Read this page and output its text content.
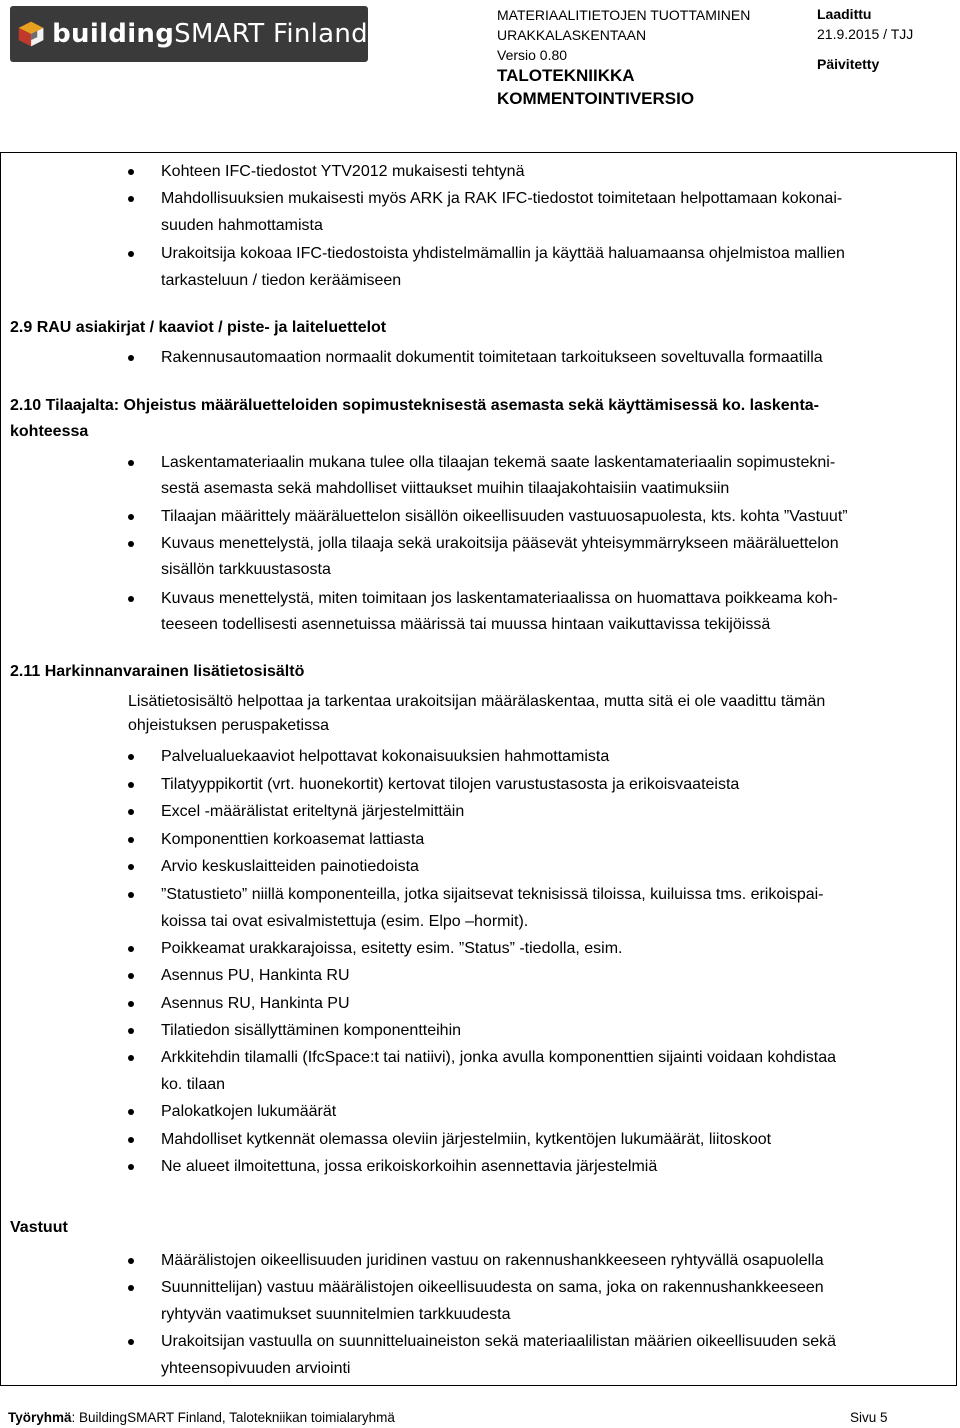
buildingSMART Finland
MATERIAALITIETOJEN TUOTTAMINEN
URAKKALASKENTAAN
Versio 0.80
TALOTEKNIIKKA
KOMMENTOINTIVERSIO
Laadittu
21.9.2015 / TJJ
Päivitetty
Kohteen IFC-tiedostot YTV2012 mukaisesti tehtynä
Mahdollisuuksien mukaisesti myös ARK ja RAK IFC-tiedostot toimitetaan helpottamaan kokonai-
suuden hahmottamista
Urakoitsija kokoaa IFC-tiedostoista yhdistelmämallin ja käyttää haluamaansa ohjelmistoa mallien
tarkasteluun / tiedon keräämiseen
2.9 RAU asiakirjat / kaaviot / piste- ja laiteluettelot
Rakennusautomaation normaalit dokumentit toimitetaan tarkoitukseen soveltuvalla formaatilla
2.10 Tilaajalta: Ohjeistus määräluetteloiden sopimusteknisestä asemasta sekä käyttämisessä ko. laskenta-
kohteessa
Laskentamateriaalin mukana tulee olla tilaajan tekemä saate laskentamateriaalin sopimustekni-
sestä asemasta sekä mahdolliset viittaukset muihin tilaajakohtaisiin vaatimuksiin
Tilaajan määrittely määräluettelon sisällön oikeellisuuden vastuuosapuolesta, kts. kohta ”Vastuut”
Kuvaus menettelystä, jolla tilaaja sekä urakoitsija pääsevät yhteisymmärrykseen määräluettelon
sisällön tarkkuustasosta
Kuvaus menettelystä, miten toimitaan jos laskentamateriaalissa on huomattava poikkeama koh-
teeseen todellisesti asennetuissa määrissä tai muussa hintaan vaikuttavissa tekijöissä
2.11 Harkinnanvarainen lisätietosisältö
Lisätietosisältö helpottaa ja tarkentaa urakoitsijan määrälaskentaa, mutta sitä ei ole vaadittu tämän
ohjeistuksen peruspaketissa
Palvelualuekaaviot helpottavat kokonaisuuksien hahmottamista
Tilatyyppikortit (vrt. huonekortit) kertovat tilojen varustustasosta ja erikoisvaateista
Excel -määrälistat eriteltynä järjestelmittäin
Komponenttien korkoasemat lattiasta
Arvio keskuslaitteiden painotiedoista
”Statustieto” niillä komponenteilla, jotka sijaitsevat teknisissä tiloissa, kuiluissa tms. erikoispai-
koissa tai ovat esivalmistettuja (esim. Elpo –hormit).
Poikkeamat urakkarajoissa, esitetty esim. ”Status” -tiedolla, esim.
Asennus PU, Hankinta RU
Asennus RU, Hankinta PU
Tilatiedon sisällyttäminen komponentteihin
Arkkitehdin tilamalli (IfcSpace:t tai natiivi), jonka avulla komponenttien sijainti voidaan kohdistaa
ko. tilaan
Palokatkojen lukumäärät
Mahdolliset kytkennät olemassa oleviin järjestelmiin, kytkentöjen lukumäärät, liitoskoot
Ne alueet ilmoitettuna, jossa erikoiskorkoihin asennettavia järjestelmiä
Vastuut
Määrälistojen oikeellisuuden juridinen vastuu on rakennushankkeeseen ryhtyvällä osapuolella
Suunnittelijan) vastuu määrälistojen oikeellisuudesta on sama, joka on rakennushankkeeseen
ryhtyvän vaatimukset suunnitelmien tarkkuudesta
Urakoitsijan vastuulla on suunnitteluaineiston sekä materiaalilistan määrien oikeellisuuden sekä
yhteensopivuuden arviointi
Työryhmä: BuildingSMART Finland, Talotekniikan toimialaryhmä	Sivu 5
